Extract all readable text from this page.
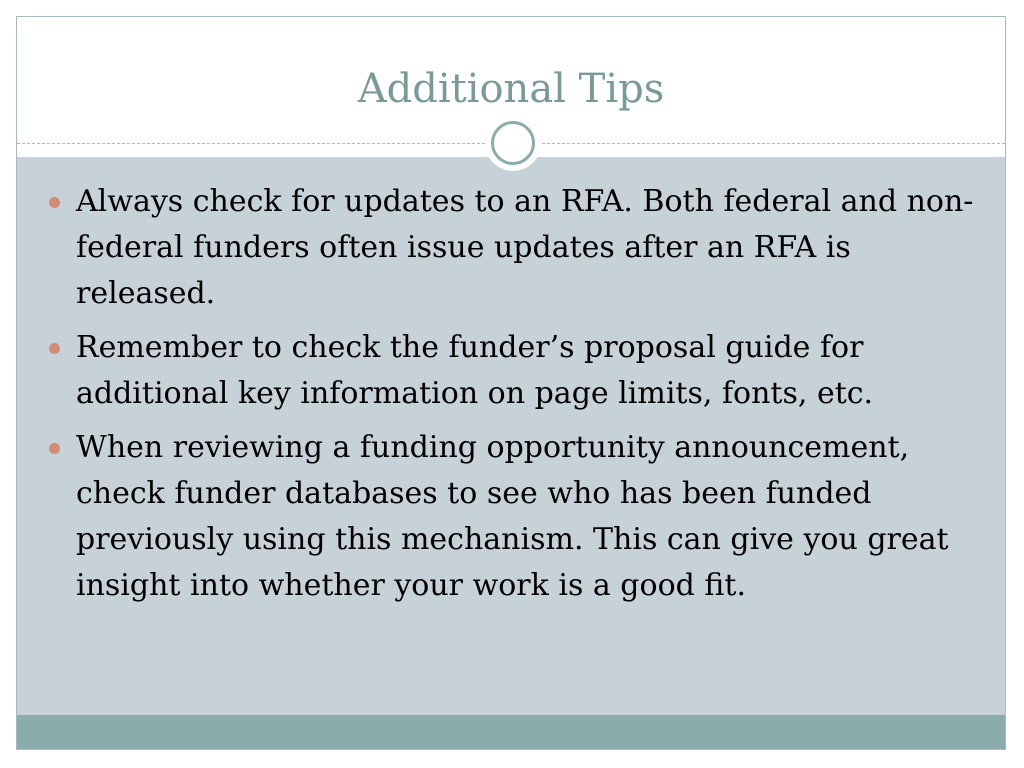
Additional Tips
Always check for updates to an RFA. Both federal and non-federal funders often issue updates after an RFA is released.
Remember to check the funder’s proposal guide for additional key information on page limits, fonts, etc.
When reviewing a funding opportunity announcement, check funder databases to see who has been funded previously using this mechanism. This can give you great insight into whether your work is a good fit.
